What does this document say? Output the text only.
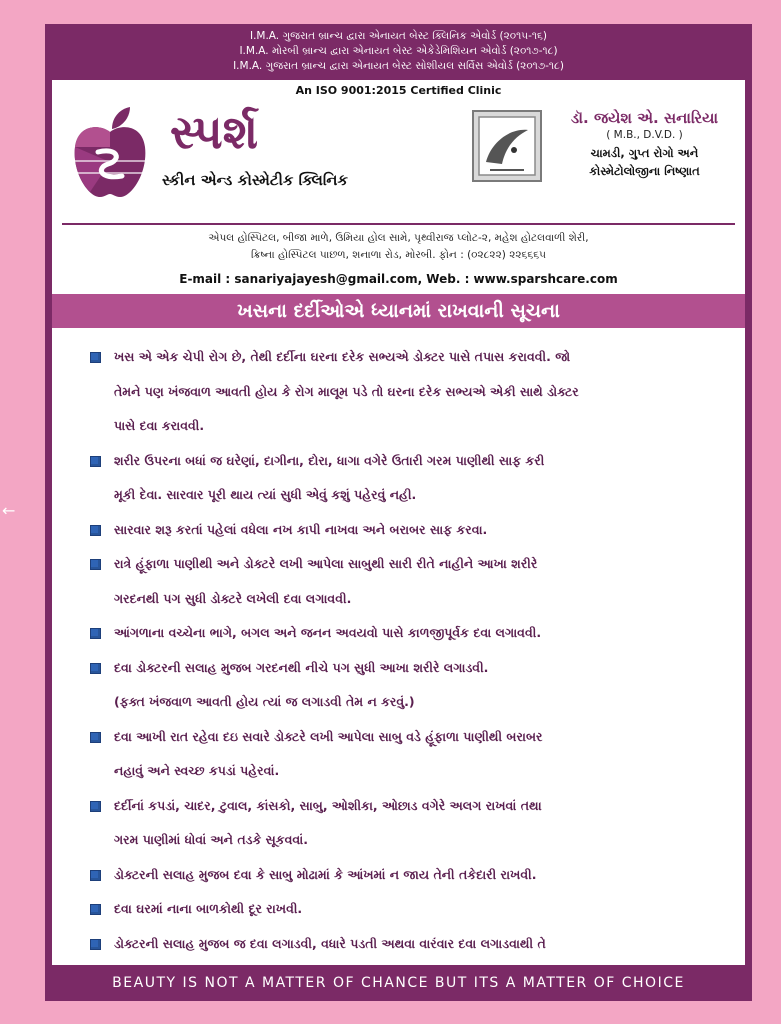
←
I.M.A. ગુજરાત બ્રાન્ચ દ્વારા એનાયત બેસ્ટ ક્લિનિક એવોર્ડ (૨૦૧૫-૧૬)
I.M.A. મોરબી બ્રાન્ચ દ્વારા એનાયત બેસ્ટ એકેડેમિશિયન એવોર્ડ (૨૦૧૭-૧૮)
I.M.A. ગુજરાત બ્રાન્ચ દ્વારા એનાયત બેસ્ટ સોશીયલ સર્વિસ એવોર્ડ (૨૦૧૭-૧૮)
An ISO 9001:2015 Certified Clinic
સ્પર્શ
સ્કીન એન્ડ કોસ્મેટીક ક્લિનિક
ડૉ. જયેશ એ. સનારિયા
( M.B., D.V.D. )
ચામડી, ગુપ્ત રોગો અને
કોસ્મેટોલોજીના નિષ્ણાત
એપલ હોસ્પિટલ, બીજા માળે, ઉમિયા હોલ સામે, પૃથ્વીરાજ પ્લોટ-૨, મહેશ હોટલવાળી શેરી,
ક્રિષ્ના હોસ્પિટલ પાછળ, શનાળા રોડ, મોરબી. ફોન : (૦૨૮૨૨) ૨૨૬૬૬૫
E-mail : sanariyajayesh@gmail.com, Web. : www.sparshcare.com
ખસના દર્દીઓએ ધ્યાનમાં રાખવાની સૂચના
ખસ એ એક ચેપી રોગ છે, તેથી દર્દીના ઘરના દરેક સભ્યએ ડોક્ટર પાસે તપાસ કરાવવી. જો
તેમને પણ ખંજવાળ આવતી હોય કે રોગ માલૂમ પડે તો ઘરના દરેક સભ્યએ એકી સાથે ડોક્ટર
પાસે દવા કરાવવી.
શરીર ઉપરના બધાં જ ઘરેણાં, દાગીના, દોરા, ધાગા વગેરે ઉતારી ગરમ પાણીથી સાફ કરી
મૂકી દેવા. સારવાર પૂરી થાય ત્યાં સુધી એવું કશું પહેરવું નહી.
સારવાર શરૂ કરતાં પહેલાં વધેલા નખ કાપી નાખવા અને બરાબર સાફ કરવા.
રાત્રે હૂંફાળા પાણીથી અને ડોક્ટરે લખી આપેલા સાબુથી સારી રીતે નાહીને આખા શરીરે
ગરદનથી પગ સુધી ડોક્ટરે લખેલી દવા લગાવવી.
આંગળાના વચ્ચેના ભાગે, બગલ અને જનન અવયવો પાસે કાળજીપૂર્વક દવા લગાવવી.
દવા ડોક્ટરની સલાહ મુજબ ગરદનથી નીચે પગ સુધી આખા શરીરે લગાડવી.
(ફક્ત ખંજવાળ આવતી હોય ત્યાં જ લગાડવી તેમ ન કરવું.)
દવા આખી રાત રહેવા દઇ સવારે ડોક્ટરે લખી આપેલા સાબુ વડે હૂંફાળા પાણીથી બરાબર
નહાવું અને સ્વચ્છ કપડાં પહેરવાં.
દર્દીનાં કપડાં, ચાદર, ટુવાલ, કાંસકો, સાબુ, ઓશીકા, ઓછાડ વગેરે અલગ રાખવાં તથા
ગરમ પાણીમાં ધોવાં અને તડકે સૂકવવાં.
ડોક્ટરની સલાહ મુજબ દવા કે સાબુ મોઢામાં કે આંખમાં ન જાય તેની તકેદારી રાખવી.
દવા ઘરમાં નાના બાળકોથી દૂર રાખવી.
ડોક્ટરની સલાહ મુજબ જ દવા લગાડવી, વધારે પડતી અથવા વારંવાર દવા લગાડવાથી તે
BEAUTY IS NOT A MATTER OF CHANCE BUT ITS A MATTER OF CHOICE
